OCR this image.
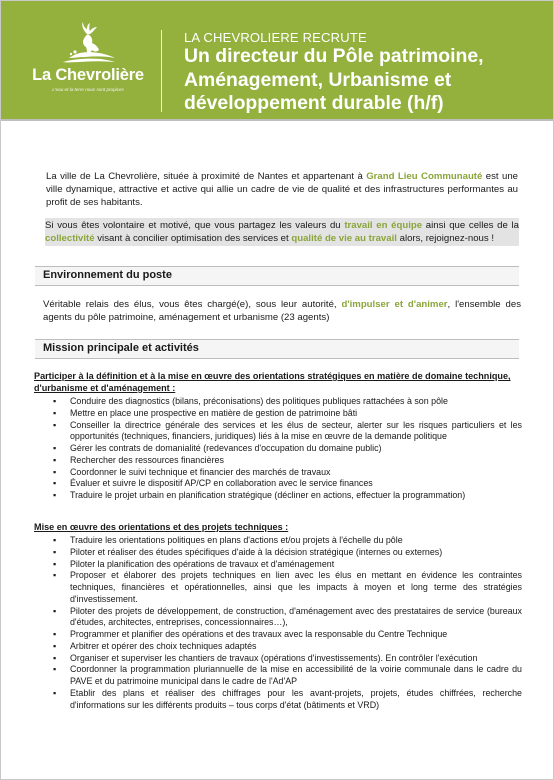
La Chevrolière
L'eau et la terre nous sont propices
LA CHEVROLIERE RECRUTE
Un directeur du Pôle patrimoine, Aménagement, Urbanisme et développement durable (h/f)

La ville de La Chevrolière, située à proximité de Nantes et appartenant à Grand Lieu Communauté est une ville dynamique, attractive et active qui allie un cadre de vie de qualité et des infrastructures performantes au profit de ses habitants.

Si vous êtes volontaire et motivé, que vous partagez les valeurs du travail en équipe ainsi que celles de la collectivité visant à concilier optimisation des services et qualité de vie au travail alors, rejoignez-nous !

Environnement du poste

Véritable relais des élus, vous êtes chargé(e), sous leur autorité, d'impulser et d'animer, l'ensemble des agents du pôle patrimoine, aménagement et urbanisme (23 agents)

Mission principale et activités

Participer à la définition et à la mise en œuvre des orientations stratégiques en matière de domaine technique, d'urbanisme et d'aménagement :

▪ Conduire des diagnostics (bilans, préconisations) des politiques publiques rattachées à son pôle
▪ Mettre en place une prospective en matière de gestion de patrimoine bâti
▪ Conseiller la directrice générale des services et les élus de secteur, alerter sur les risques particuliers et les opportunités (techniques, financiers, juridiques) liés à la mise en œuvre de la demande politique
▪ Gérer les contrats de domanialité (redevances d'occupation du domaine public)
▪ Rechercher des ressources financières
▪ Coordonner le suivi technique et financier des marchés de travaux
▪ Évaluer et suivre le dispositif AP/CP en collaboration avec le service finances
▪ Traduire le projet urbain en planification stratégique (décliner en actions, effectuer la programmation)

Mise en œuvre des orientations et des projets techniques :

▪ Traduire les orientations politiques en plans d'actions et/ou projets à l'échelle du pôle
▪ Piloter et réaliser des études spécifiques d'aide à la décision stratégique (internes ou externes)
▪ Piloter la planification des opérations de travaux et d'aménagement
▪ Proposer et élaborer des projets techniques en lien avec les élus en mettant en évidence les contraintes techniques, financières et opérationnelles, ainsi que les impacts à moyen et long terme des stratégies d'investissement.
▪ Piloter des projets de développement, de construction, d'aménagement avec des prestataires de service (bureaux d'études, architectes, entreprises, concessionnaires…),
▪ Programmer et planifier des opérations et des travaux avec la responsable du Centre Technique
▪ Arbitrer et opérer des choix techniques adaptés
▪ Organiser et superviser les chantiers de travaux (opérations d'investissements). En contrôler l'exécution
▪ Coordonner la programmation pluriannuelle de la mise en accessibilité de la voirie communale dans le cadre du PAVE et du patrimoine municipal dans le cadre de l'Ad'AP
▪ Etablir des plans et réaliser des chiffrages pour les avant-projets, projets, études chiffrées, recherche d'informations sur les différents produits – tous corps d'état (bâtiments et VRD)
